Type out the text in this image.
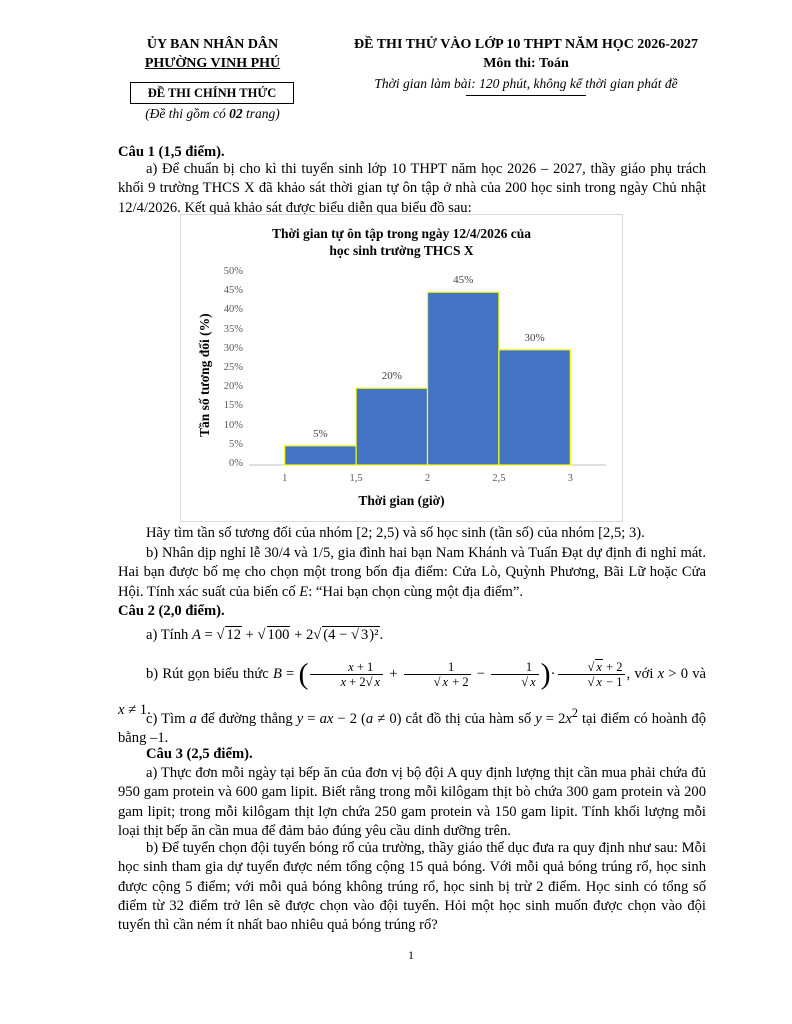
ỦY BAN NHÂN DÂN
PHƯỜNG VINH PHÚ
ĐỀ THI CHÍNH THỨC
(Đề thi gồm có 02 trang)
ĐỀ THI THỬ VÀO LỚP 10 THPT NĂM HỌC 2026-2027
Môn thi: Toán
Thời gian làm bài: 120 phút, không kể thời gian phát đề
Câu 1 (1,5 điểm).
a) Để chuẩn bị cho kì thi tuyển sinh lớp 10 THPT năm học 2026 – 2027, thầy giáo phụ trách khối 9 trường THCS X đã khảo sát thời gian tự ôn tập ở nhà của 200 học sinh trong ngày Chủ nhật 12/4/2026. Kết quả khảo sát được biểu diễn qua biểu đồ sau:
Thời gian tự ôn tập trong ngày 12/4/2026 của học sinh trường THCS X
Tần số tương đối (%)
Thời gian (giờ)
0%
5%
10%
15%
20%
25%
30%
35%
40%
45%
50%
1	1,5	2	2,5	3
5%
20%
45%
30%
Hãy tìm tần số tương đối của nhóm [2; 2,5) và số học sinh (tần số) của nhóm [2,5; 3).
b) Nhân dịp nghỉ lễ 30/4 và 1/5, gia đình hai bạn Nam Khánh và Tuấn Đạt dự định đi nghỉ mát. Hai bạn được bố mẹ cho chọn một trong bốn địa điểm: Cửa Lò, Quỳnh Phương, Bãi Lữ hoặc Cửa Hội. Tính xác suất của biến cố E: “Hai bạn chọn cùng một địa điểm”.
Câu 2 (2,0 điểm).
a) Tính A = √ 12 + √ 100 + 2√ (4 − √ 3)².
b) Rút gọn biểu thức B = ( $\frac{x + 1}{x + 2√ x} + \frac{1}{√ x + 2} - \frac{1}{√ x}$ )· $\frac{√ x + 2}{√ x - 1}$ , với x > 0 và x ≠ 1.
c) Tìm a để đường thẳng y = ax − 2 (a ≠ 0) cắt đồ thị của hàm số $y = 2x^2$ tại điểm có hoành độ bằng –1.
Câu 3 (2,5 điểm).
a) Thực đơn mỗi ngày tại bếp ăn của đơn vị bộ đội A quy định lượng thịt cần mua phải chứa đủ 950 gam protein và 600 gam lipit. Biết rằng trong mỗi kilôgam thịt bò chứa 300 gam protein và 200 gam lipit; trong mỗi kilôgam thịt lợn chứa 250 gam protein và 150 gam lipit. Tính khối lượng mỗi loại thịt bếp ăn cần mua để đảm bảo đúng yêu cầu dinh dưỡng trên.
b) Để tuyển chọn đội tuyển bóng rổ của trường, thầy giáo thể dục đưa ra quy định như sau: Mỗi học sinh tham gia dự tuyển được ném tổng cộng 15 quả bóng. Với mỗi quả bóng trúng rổ, học sinh được cộng 5 điểm; với mỗi quả bóng không trúng rổ, học sinh bị trừ 2 điểm. Học sinh có tổng số điểm từ 32 điểm trở lên sẽ được chọn vào đội tuyển. Hỏi một học sinh muốn được chọn vào đội tuyển thì cần ném ít nhất bao nhiêu quả bóng trúng rổ?
1
